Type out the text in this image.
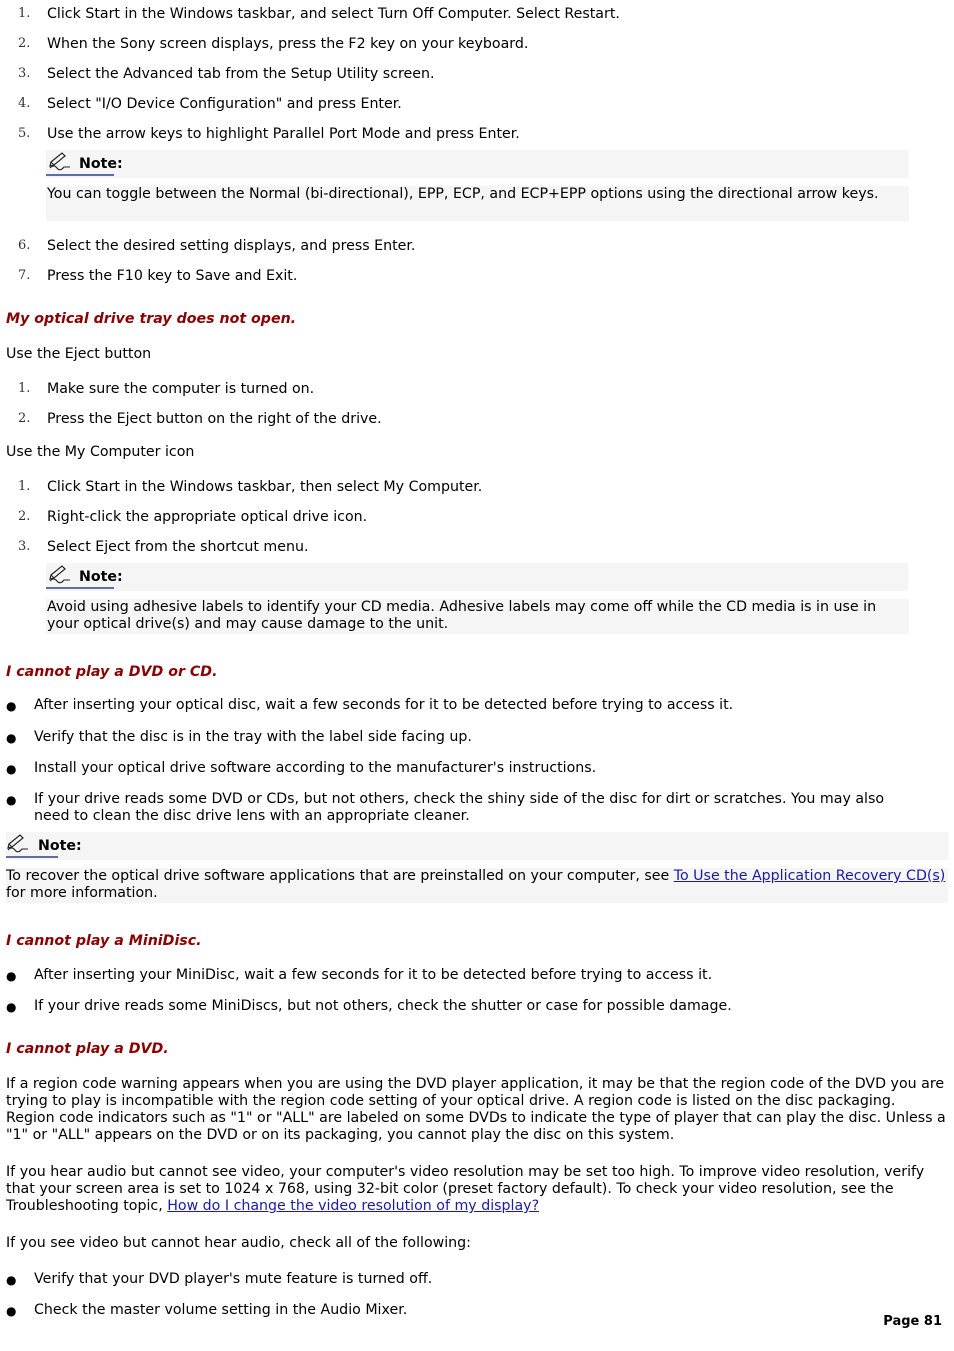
1. Click Start in the Windows taskbar, and select Turn Off Computer. Select Restart.
2. When the Sony screen displays, press the F2 key on your keyboard.
3. Select the Advanced tab from the Setup Utility screen.
4. Select "I/O Device Configuration" and press Enter.
5. Use the arrow keys to highlight Parallel Port Mode and press Enter.
Note:
You can toggle between the Normal (bi-directional), EPP, ECP, and ECP+EPP options using the directional arrow keys.
6. Select the desired setting displays, and press Enter.
7. Press the F10 key to Save and Exit.
My optical drive tray does not open.
Use the Eject button
1. Make sure the computer is turned on.
2. Press the Eject button on the right of the drive.
Use the My Computer icon
1. Click Start in the Windows taskbar, then select My Computer.
2. Right-click the appropriate optical drive icon.
3. Select Eject from the shortcut menu.
Note:
Avoid using adhesive labels to identify your CD media. Adhesive labels may come off while the CD media is in use in your optical drive(s) and may cause damage to the unit.
I cannot play a DVD or CD.
● After inserting your optical disc, wait a few seconds for it to be detected before trying to access it.
● Verify that the disc is in the tray with the label side facing up.
● Install your optical drive software according to the manufacturer's instructions.
● If your drive reads some DVD or CDs, but not others, check the shiny side of the disc for dirt or scratches. You may also need to clean the disc drive lens with an appropriate cleaner.
Note:
To recover the optical drive software applications that are preinstalled on your computer, see To Use the Application Recovery CD(s) for more information.
I cannot play a MiniDisc.
● After inserting your MiniDisc, wait a few seconds for it to be detected before trying to access it.
● If your drive reads some MiniDiscs, but not others, check the shutter or case for possible damage.
I cannot play a DVD.
If a region code warning appears when you are using the DVD player application, it may be that the region code of the DVD you are trying to play is incompatible with the region code setting of your optical drive. A region code is listed on the disc packaging. Region code indicators such as "1" or "ALL" are labeled on some DVDs to indicate the type of player that can play the disc. Unless a "1" or "ALL" appears on the DVD or on its packaging, you cannot play the disc on this system.
If you hear audio but cannot see video, your computer's video resolution may be set too high. To improve video resolution, verify that your screen area is set to 1024 x 768, using 32-bit color (preset factory default). To check your video resolution, see the Troubleshooting topic, How do I change the video resolution of my display?
If you see video but cannot hear audio, check all of the following:
● Verify that your DVD player's mute feature is turned off.
● Check the master volume setting in the Audio Mixer.
Page 81
